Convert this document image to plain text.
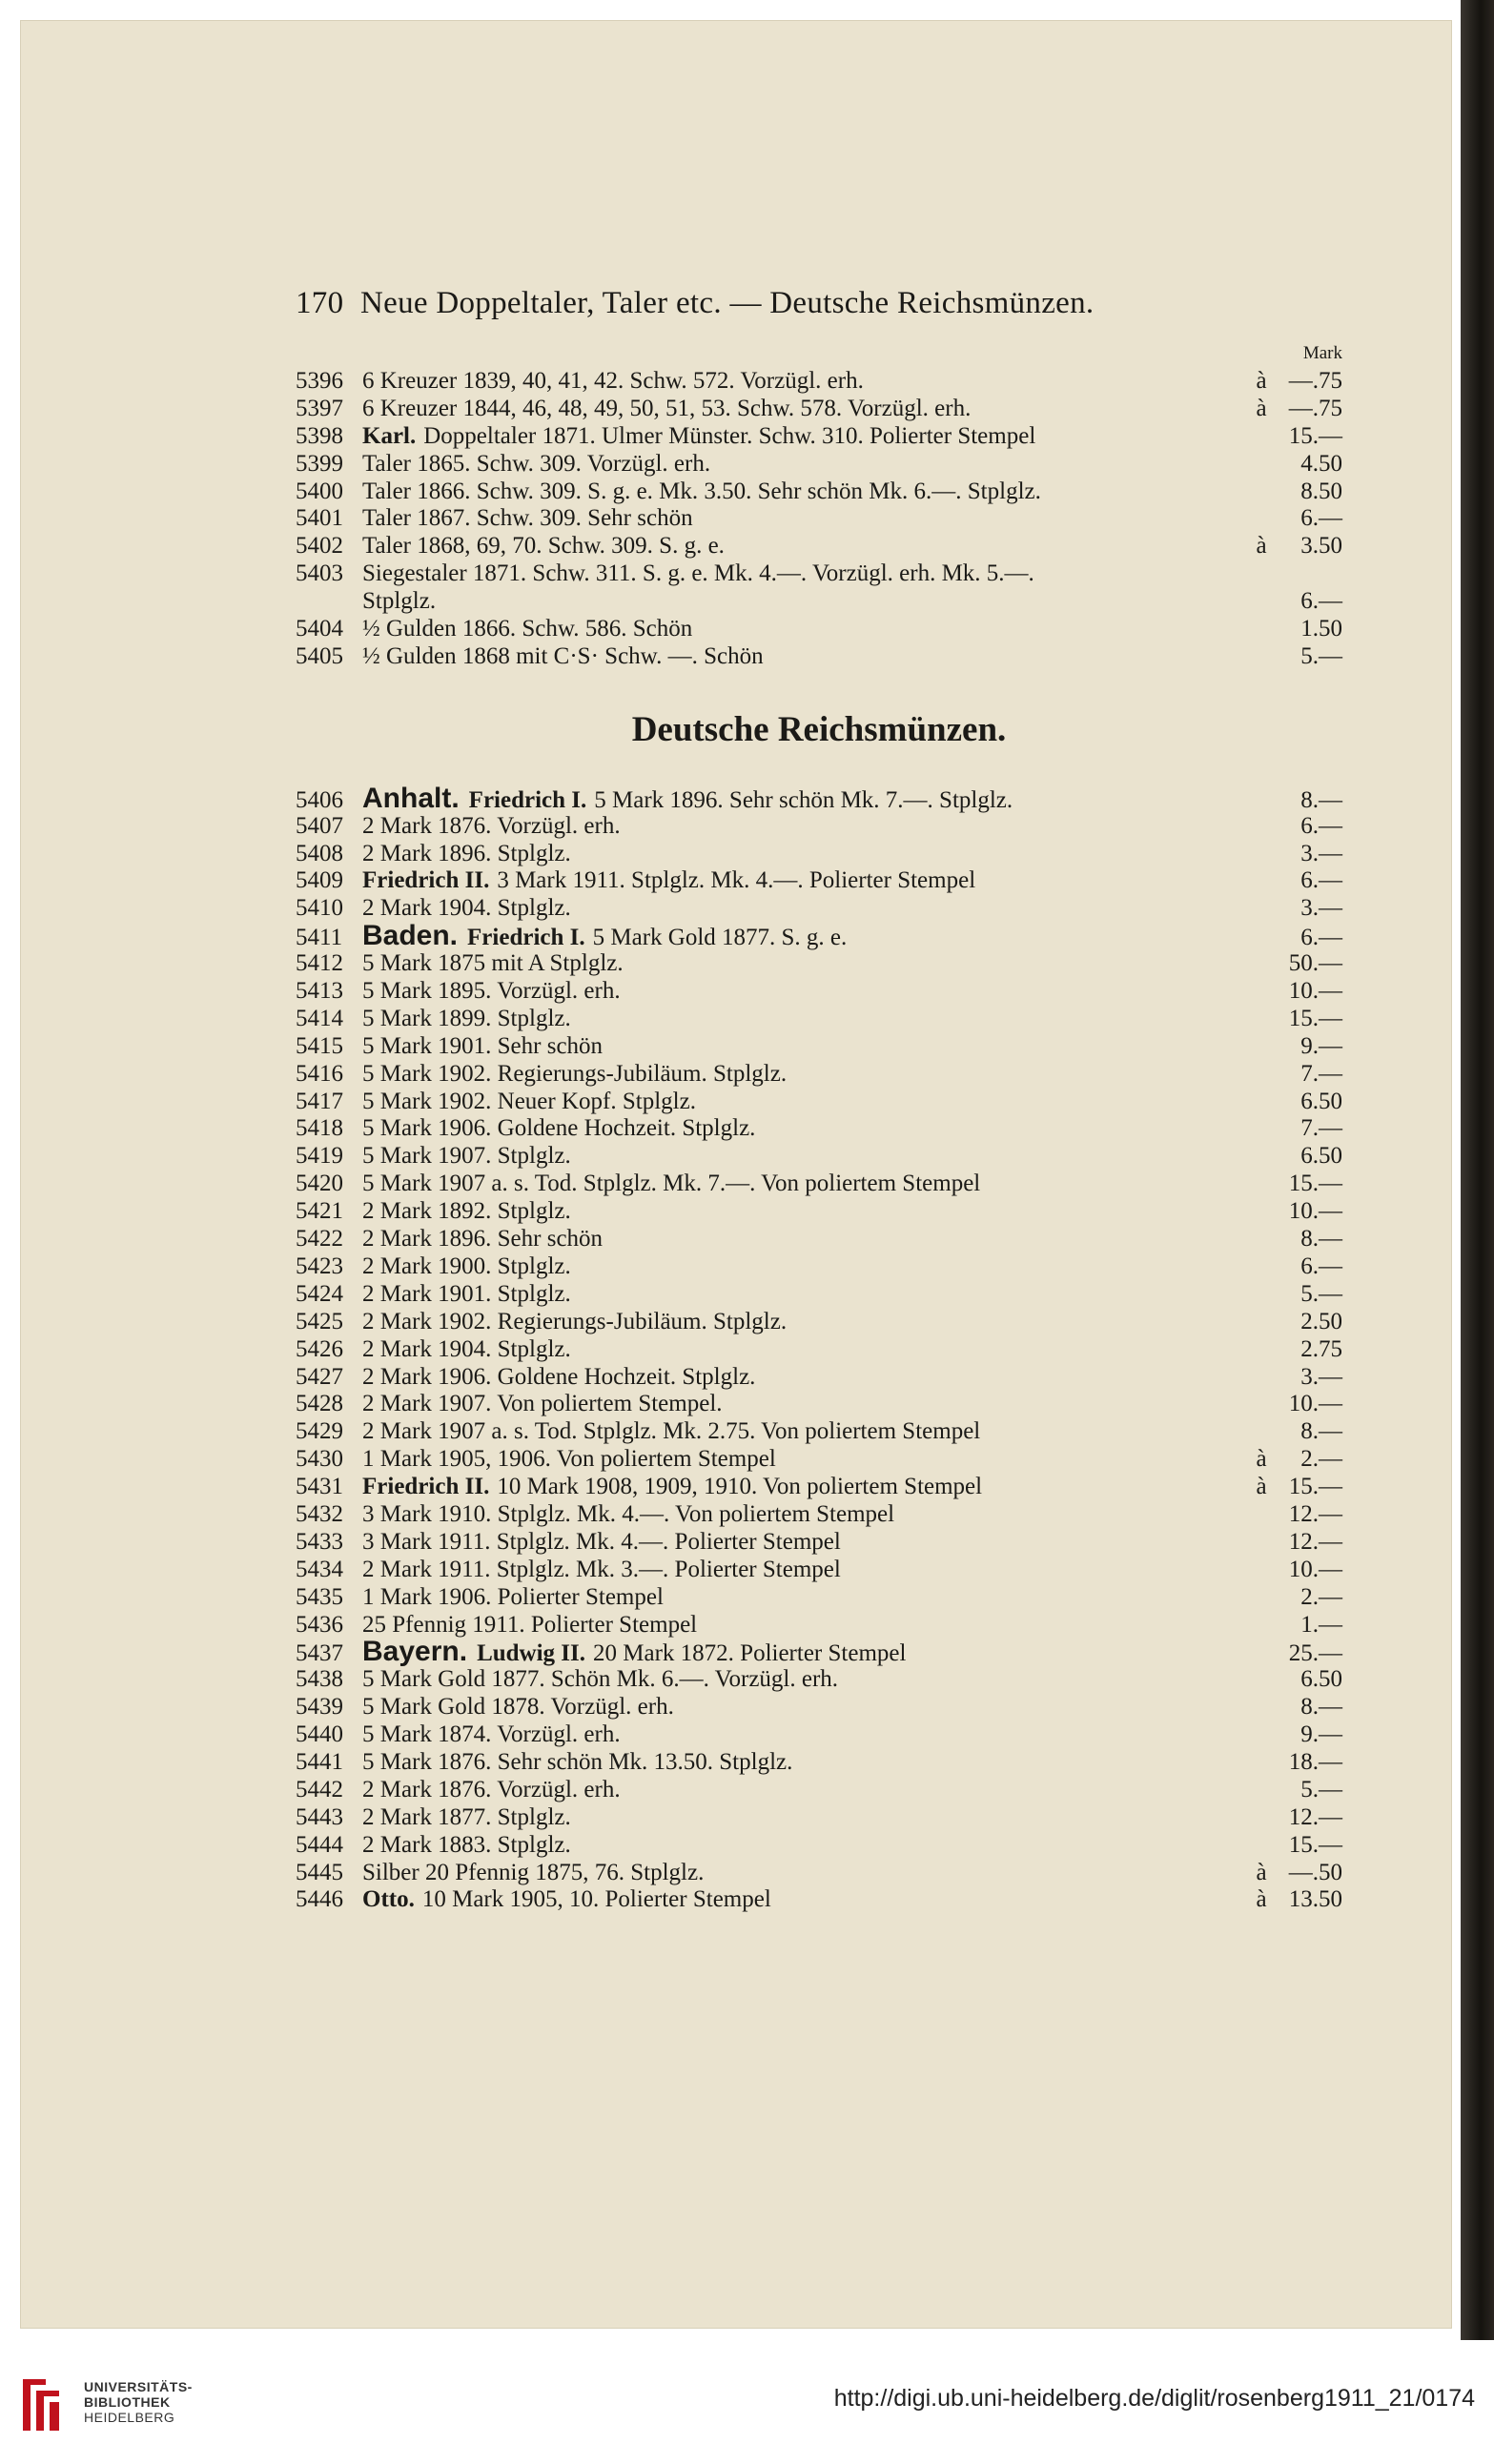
170 Neue Doppeltaler, Taler etc. — Deutsche Reichsmünzen.
Mark
5396 6 Kreuzer 1839, 40, 41, 42. Schw. 572. Vorzügl. erh.	à —.75
5397 6 Kreuzer 1844, 46, 48, 49, 50, 51, 53. Schw. 578. Vorzügl. erh.	à —.75
5398 Karl. Doppeltaler 1871. Ulmer Münster. Schw. 310. Polierter Stempel	15.—
5399 Taler 1865. Schw. 309. Vorzügl. erh.	4.50
5400 Taler 1866. Schw. 309. S. g. e. Mk. 3.50. Sehr schön Mk. 6.—. Stplglz.	8.50
5401 Taler 1867. Schw. 309. Sehr schön	6.—
5402 Taler 1868, 69, 70. Schw. 309. S. g. e.	à	3.50
5403 Siegestaler 1871. Schw. 311. S. g. e. Mk. 4.—. Vorzügl. erh. Mk. 5.—.
Stplglz.	6.—
5404 ½ Gulden 1866. Schw. 586. Schön	1.50
5405 ½ Gulden 1868 mit C·S· Schw. —. Schön	5.—
Deutsche Reichsmünzen.
5406 Anhalt. Friedrich I. 5 Mark 1896. Sehr schön Mk. 7.—. Stplglz.	8.—
5407 2 Mark 1876. Vorzügl. erh.	6.—
5408 2 Mark 1896. Stplglz.	3.—
5409 Friedrich II. 3 Mark 1911. Stplglz. Mk. 4.—. Polierter Stempel	6.—
5410 2 Mark 1904. Stplglz.	3.—
5411 Baden. Friedrich I. 5 Mark Gold 1877. S. g. e.	6.—
5412 5 Mark 1875 mit A Stplglz.	50.—
5413 5 Mark 1895. Vorzügl. erh.	10.—
5414 5 Mark 1899. Stplglz.	15.—
5415 5 Mark 1901. Sehr schön	9.—
5416 5 Mark 1902. Regierungs-Jubiläum. Stplglz.	7.—
5417 5 Mark 1902. Neuer Kopf. Stplglz.	6.50
5418 5 Mark 1906. Goldene Hochzeit. Stplglz.	7.—
5419 5 Mark 1907. Stplglz.	6.50
5420 5 Mark 1907 a. s. Tod. Stplglz. Mk. 7.—. Von poliertem Stempel	15.—
5421 2 Mark 1892. Stplglz.	10.—
5422 2 Mark 1896. Sehr schön	8.—
5423 2 Mark 1900. Stplglz.	6.—
5424 2 Mark 1901. Stplglz.	5.—
5425 2 Mark 1902. Regierungs-Jubiläum. Stplglz.	2.50
5426 2 Mark 1904. Stplglz.	2.75
5427 2 Mark 1906. Goldene Hochzeit. Stplglz.	3.—
5428 2 Mark 1907. Von poliertem Stempel.	10.—
5429 2 Mark 1907 a. s. Tod. Stplglz. Mk. 2.75. Von poliertem Stempel	8.—
5430 1 Mark 1905, 1906. Von poliertem Stempel	à	2.—
5431 Friedrich II. 10 Mark 1908, 1909, 1910. Von poliertem Stempel	à 15.—
5432 3 Mark 1910. Stplglz. Mk. 4.—. Von poliertem Stempel	12.—
5433 3 Mark 1911. Stplglz. Mk. 4.—. Polierter Stempel	12.—
5434 2 Mark 1911. Stplglz. Mk. 3.—. Polierter Stempel	10.—
5435 1 Mark 1906. Polierter Stempel	2.—
5436 25 Pfennig 1911. Polierter Stempel	1.—
5437 Bayern. Ludwig II. 20 Mark 1872. Polierter Stempel	25.—
5438 5 Mark Gold 1877. Schön Mk. 6.—. Vorzügl. erh.	6.50
5439 5 Mark Gold 1878. Vorzügl. erh.	8.—
5440 5 Mark 1874. Vorzügl. erh.	9.—
5441 5 Mark 1876. Sehr schön Mk. 13.50. Stplglz.	18.—
5442 2 Mark 1876. Vorzügl. erh.	5.—
5443 2 Mark 1877. Stplglz.	12.—
5444 2 Mark 1883. Stplglz.	15.—
5445 Silber 20 Pfennig 1875, 76. Stplglz.	à —.50
5446 Otto. 10 Mark 1905, 10. Polierter Stempel	à 13.50
UNIVERSITÄTS-
BIBLIOTHEK
HEIDELBERG
http://digi.ub.uni-heidelberg.de/diglit/rosenberg1911_21/0174
